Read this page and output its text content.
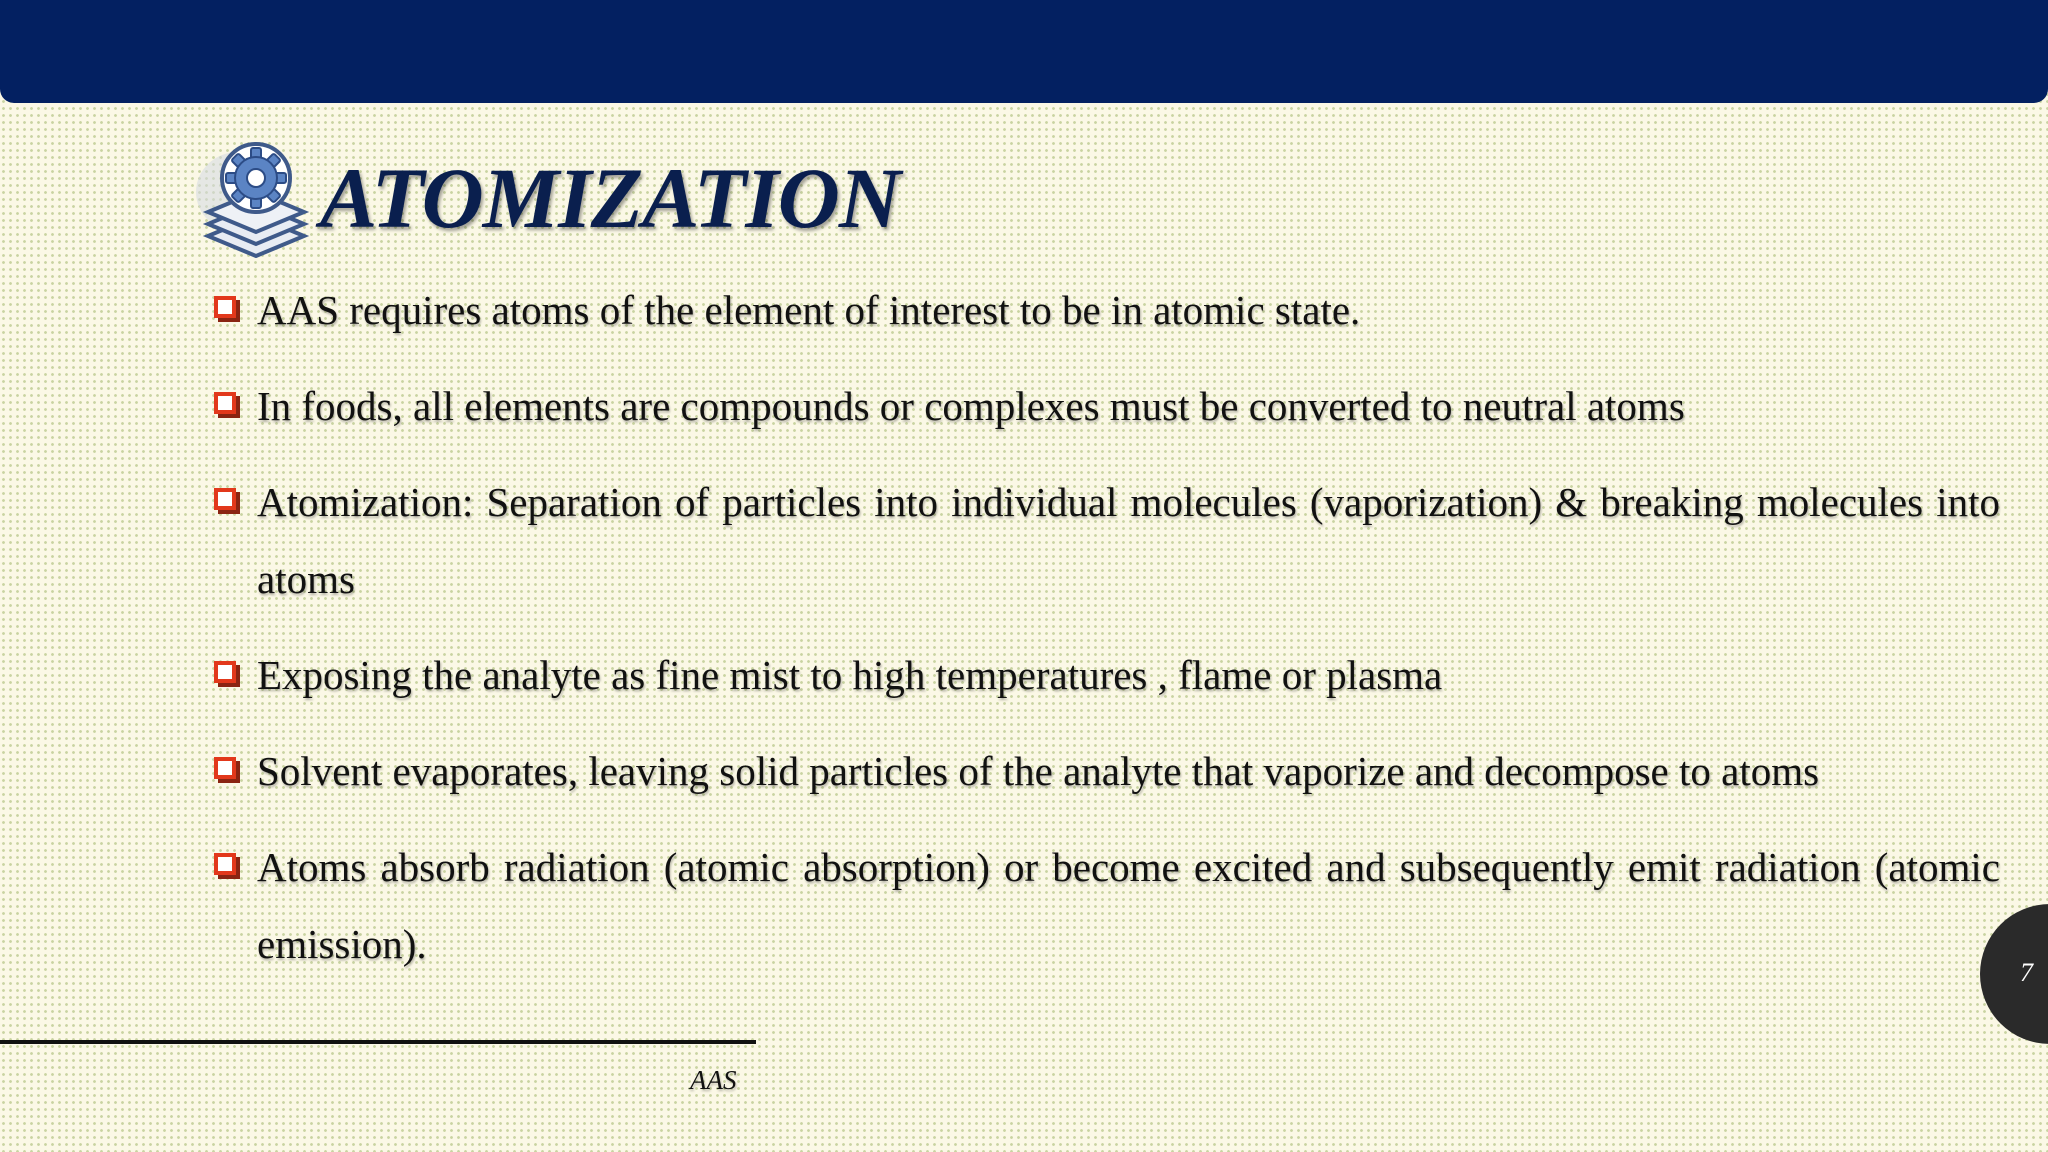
ATOMIZATION
AAS requires atoms of the element of interest to be in atomic state.
In foods, all elements are compounds or complexes must be converted to neutral atoms
Atomization: Separation of particles into individual molecules (vaporization) & breaking molecules into atoms
Exposing the analyte as fine mist to high temperatures , flame or plasma
Solvent evaporates, leaving solid particles of the analyte that vaporize and decompose to atoms
Atoms absorb radiation (atomic absorption) or become excited and subsequently emit radiation (atomic emission).
AAS
7
